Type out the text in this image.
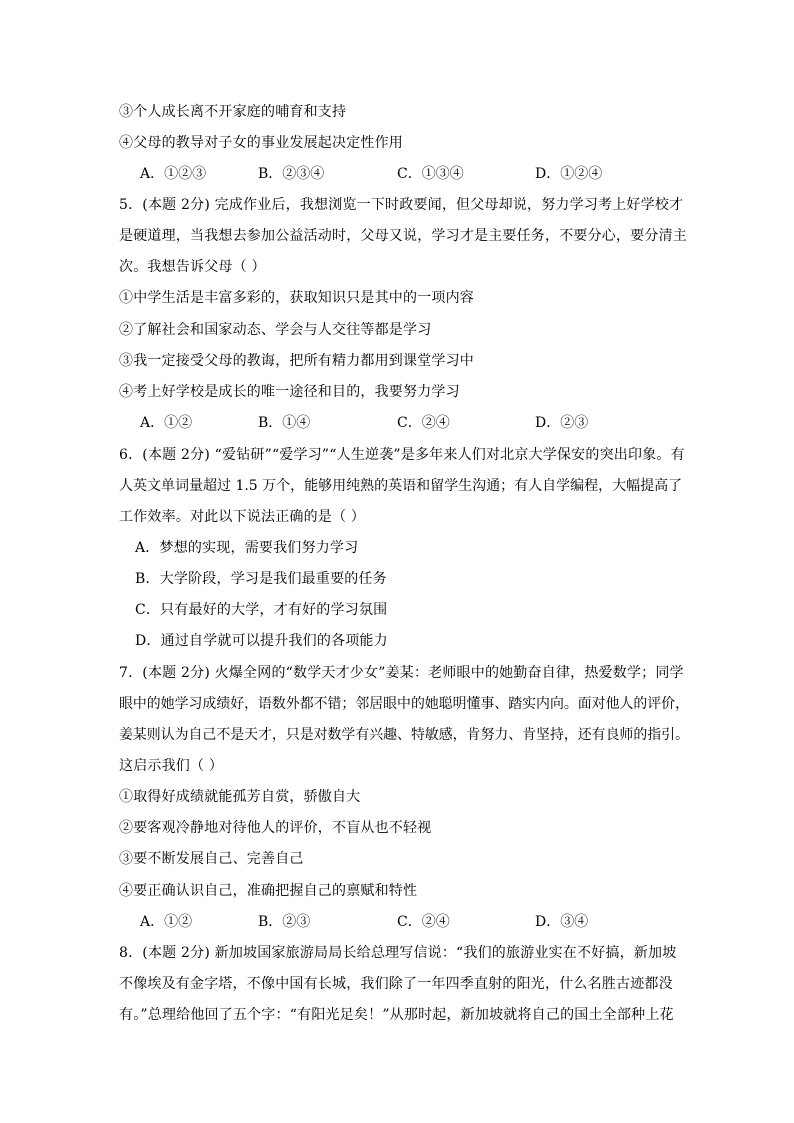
③个人成长离不开家庭的哺育和支持
④父母的教导对子女的事业发展起决定性作用
A．①②③	B．②③④	C．①③④	D．①②④
5．(本题 2分) 完成作业后，我想浏览一下时政要闻，但父母却说，努力学习考上好学校才
是硬道理，当我想去参加公益活动时，父母又说，学习才是主要任务，不要分心，要分清主
次。我想告诉父母（ ）
①中学生活是丰富多彩的，获取知识只是其中的一项内容
②了解社会和国家动态、学会与人交往等都是学习
③我一定接受父母的教诲，把所有精力都用到课堂学习中
④考上好学校是成长的唯一途径和目的，我要努力学习
A．①②	B．①④	C．②④	D．②③
6．(本题 2分) “爱钻研”“爱学习”“人生逆袭”是多年来人们对北京大学保安的突出印象。有
人英文单词量超过 1.5 万个，能够用纯熟的英语和留学生沟通；有人自学编程，大幅提高了
工作效率。对此以下说法正确的是（ ）
A．梦想的实现，需要我们努力学习
B．大学阶段，学习是我们最重要的任务
C．只有最好的大学，才有好的学习氛围
D．通过自学就可以提升我们的各项能力
7．(本题 2分) 火爆全网的“数学天才少女”姜某：老师眼中的她勤奋自律，热爱数学；同学
眼中的她学习成绩好，语数外都不错；邻居眼中的她聪明懂事、踏实内向。面对他人的评价，
姜某则认为自己不是天才，只是对数学有兴趣、特敏感，肯努力、肯坚持，还有良师的指引。
这启示我们（ ）
①取得好成绩就能孤芳自赏，骄傲自大
②要客观冷静地对待他人的评价，不盲从也不轻视
③要不断发展自己、完善自己
④要正确认识自己，准确把握自己的禀赋和特性
A．①②	B．②③	C．②④	D．③④
8．(本题 2分) 新加坡国家旅游局局长给总理写信说：“我们的旅游业实在不好搞，新加坡
不像埃及有金字塔，不像中国有长城，我们除了一年四季直射的阳光，什么名胜古迹都没
有。”总理给他回了五个字：“有阳光足矣！”从那时起，新加坡就将自己的国土全部种上花
